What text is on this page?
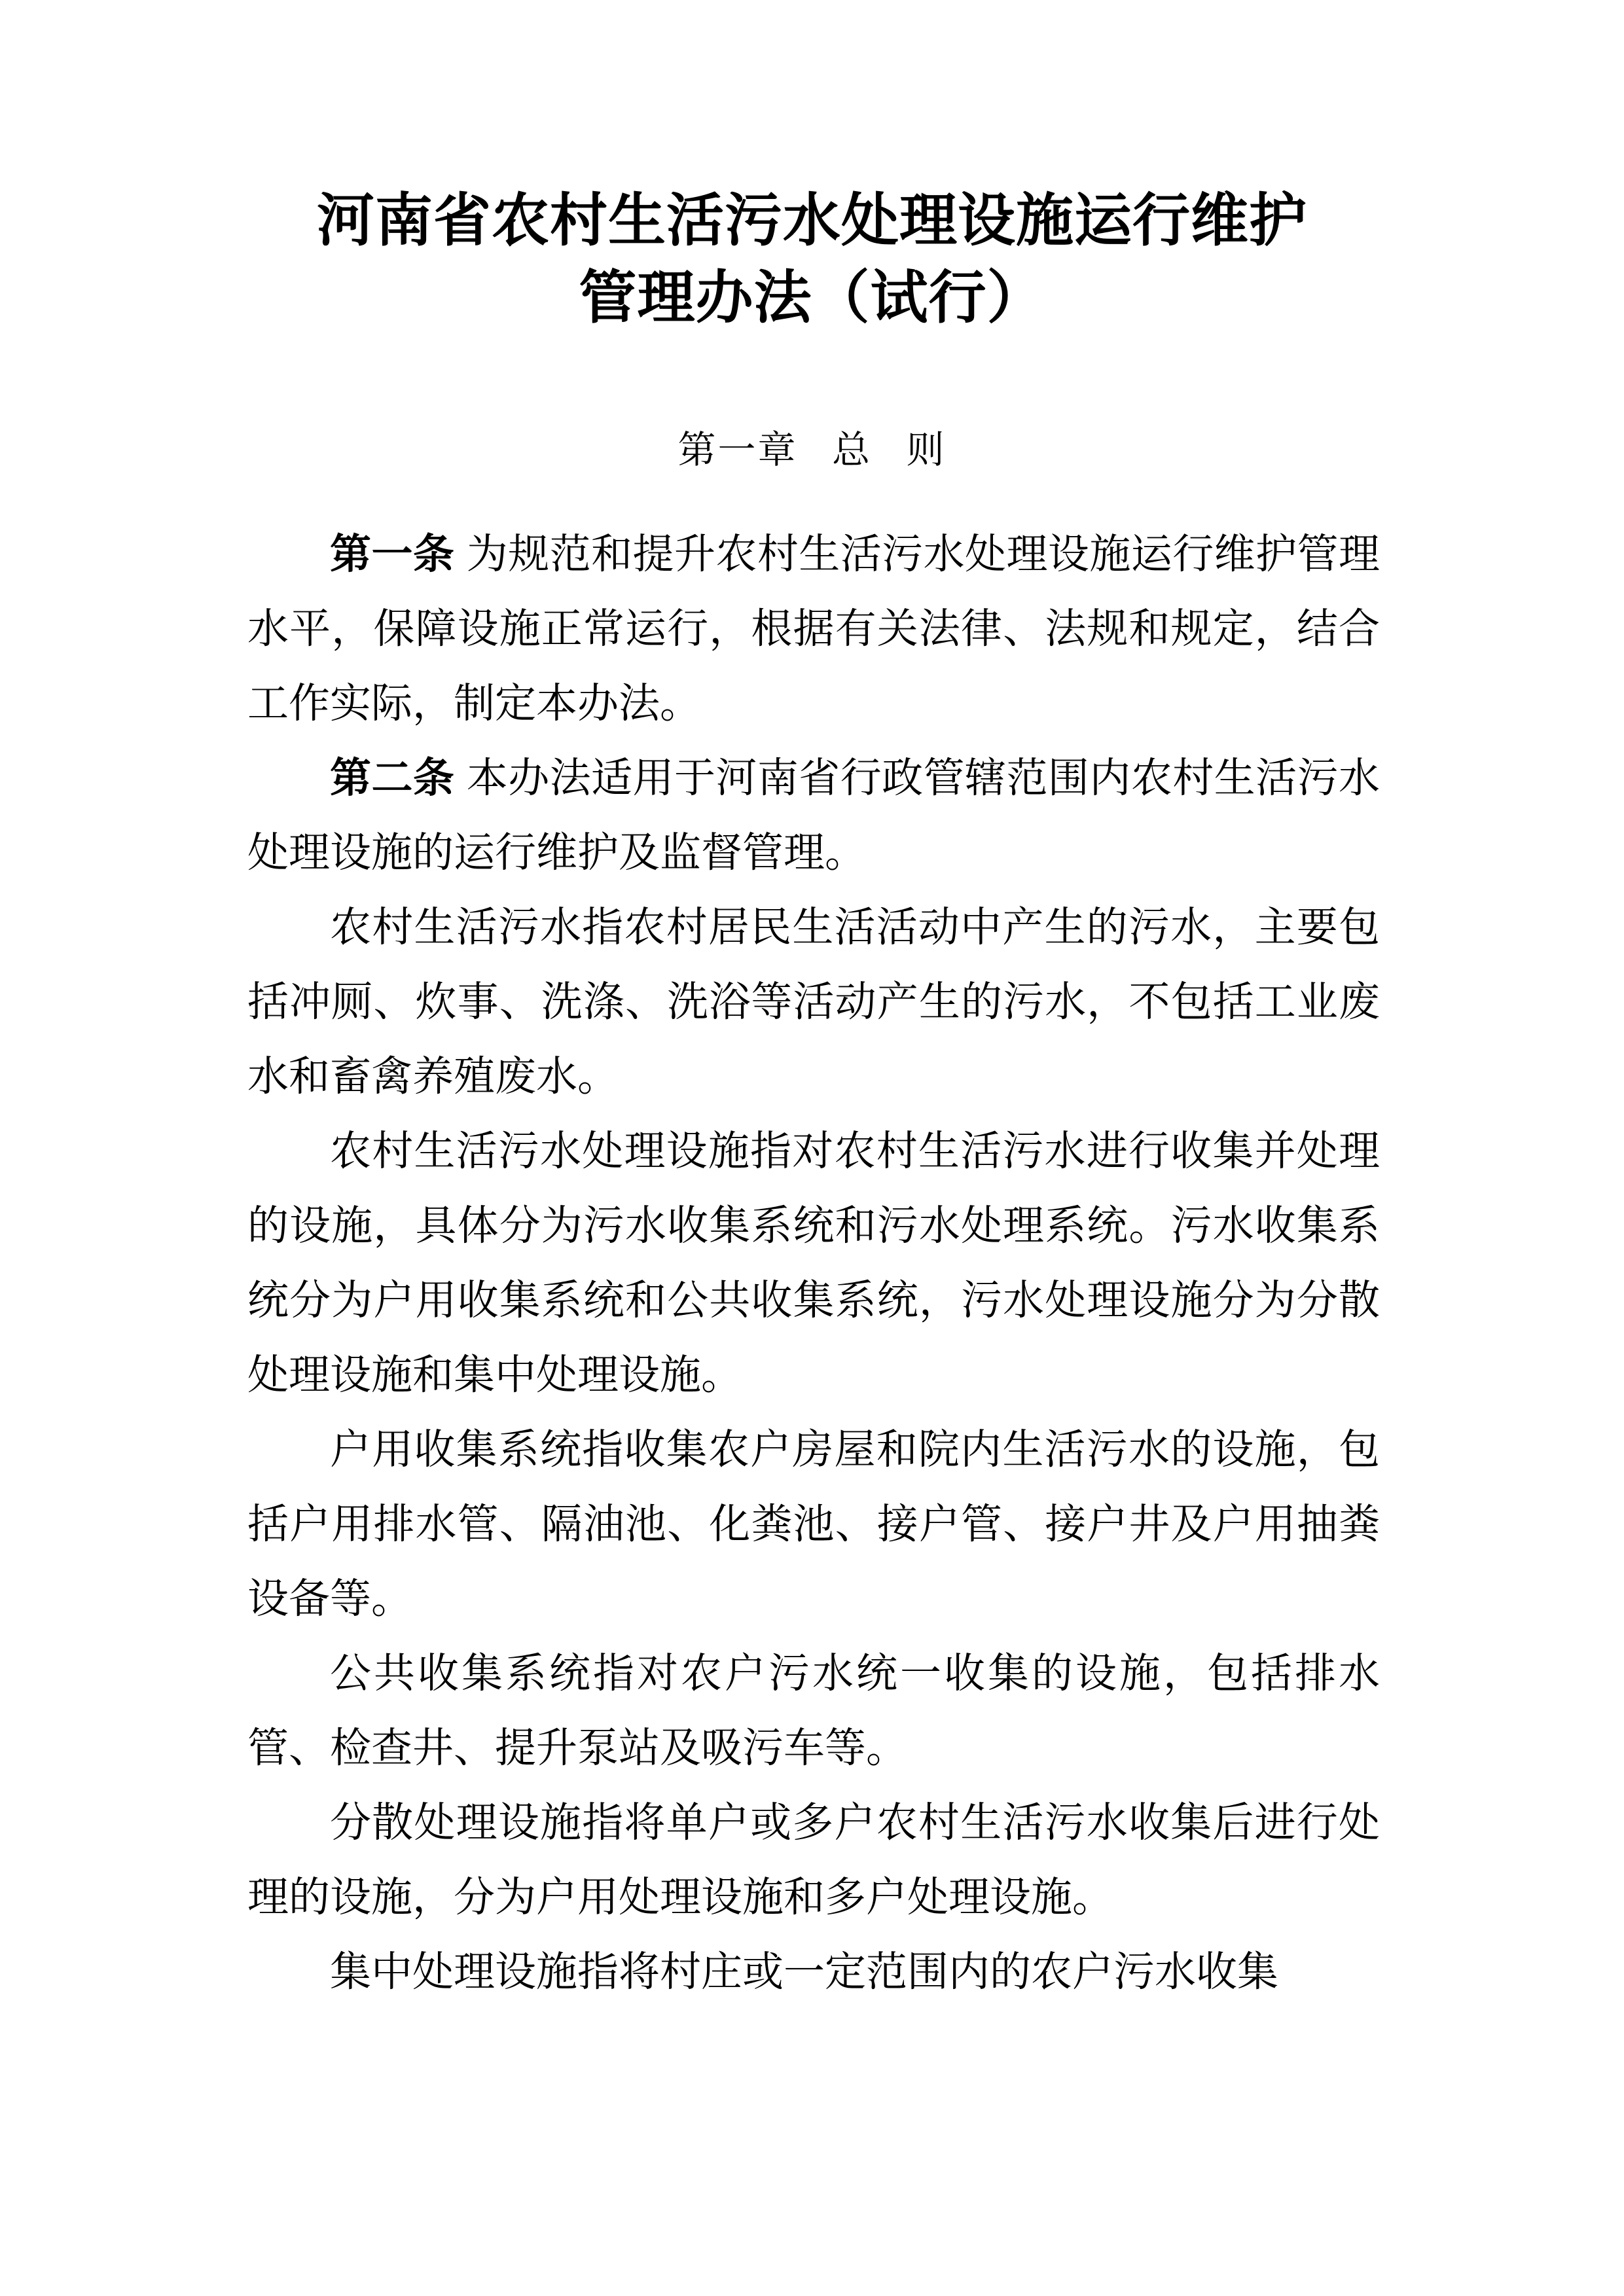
河南省农村生活污水处理设施运行维护
管理办法（试行）
第一章   总   则

第一条 为规范和提升农村生活污水处理设施运行维护管理水平，保障设施正常运行，根据有关法律、法规和规定，结合工作实际，制定本办法。

第二条 本办法适用于河南省行政管辖范围内农村生活污水处理设施的运行维护及监督管理。

农村生活污水指农村居民生活活动中产生的污水，主要包括冲厕、炊事、洗涤、洗浴等活动产生的污水，不包括工业废水和畜禽养殖废水。

农村生活污水处理设施指对农村生活污水进行收集并处理的设施，具体分为污水收集系统和污水处理系统。污水收集系统分为户用收集系统和公共收集系统，污水处理设施分为分散处理设施和集中处理设施。

户用收集系统指收集农户房屋和院内生活污水的设施，包括户用排水管、隔油池、化粪池、接户管、接户井及户用抽粪设备等。

公共收集系统指对农户污水统一收集的设施，包括排水管、检查井、提升泵站及吸污车等。

分散处理设施指将单户或多户农村生活污水收集后进行处理的设施，分为户用处理设施和多户处理设施。

集中处理设施指将村庄或一定范围内的农户污水收集
